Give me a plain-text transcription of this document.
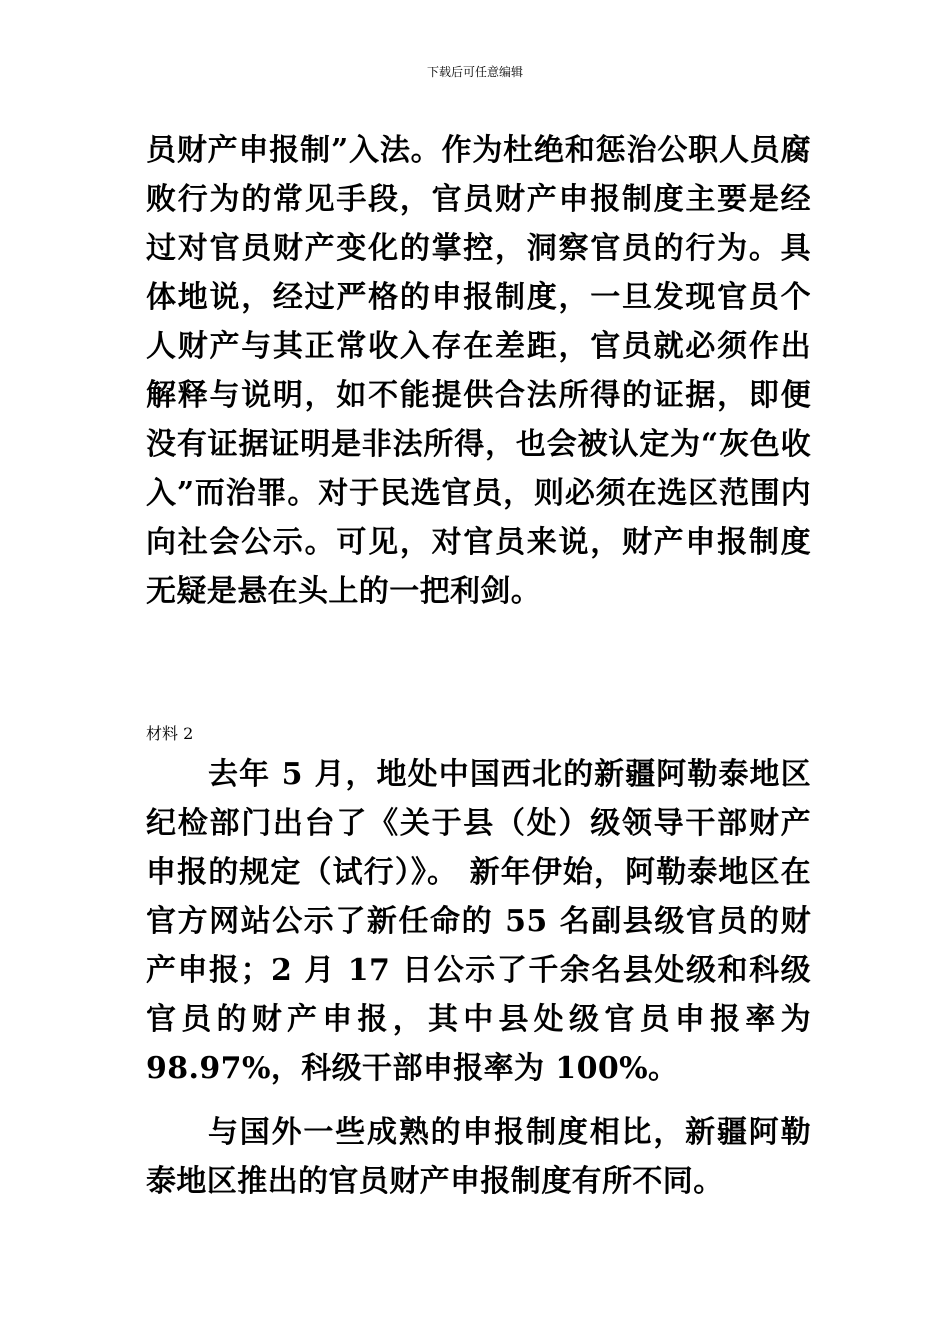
下载后可任意编辑

员财产申报制”入法。作为杜绝和惩治公职人员腐败行为的常见手段，官员财产申报制度主要是经过对官员财产变化的掌控，洞察官员的行为。具体地说，经过严格的申报制度，一旦发现官员个人财产与其正常收入存在差距，官员就必须作出解释与说明，如不能提供合法所得的证据，即便没有证据证明是非法所得，也会被认定为“灰色收入”而治罪。对于民选官员，则必须在选区范围内向社会公示。可见，对官员来说，财产申报制度无疑是悬在头上的一把利剑。

材料 2

去年 5 月，地处中国西北的新疆阿勒泰地区纪检部门出台了《关于县（处）级领导干部财产申报的规定（试行）》。 新年伊始，阿勒泰地区在官方网站公示了新任命的 55 名副县级官员的财产申报；2 月 17 日公示了千余名县处级和科级官员的财产申报，其中县处级官员申报率为 98.97%，科级干部申报率为 100%。

与国外一些成熟的申报制度相比，新疆阿勒泰地区推出的官员财产申报制度有所不同。
